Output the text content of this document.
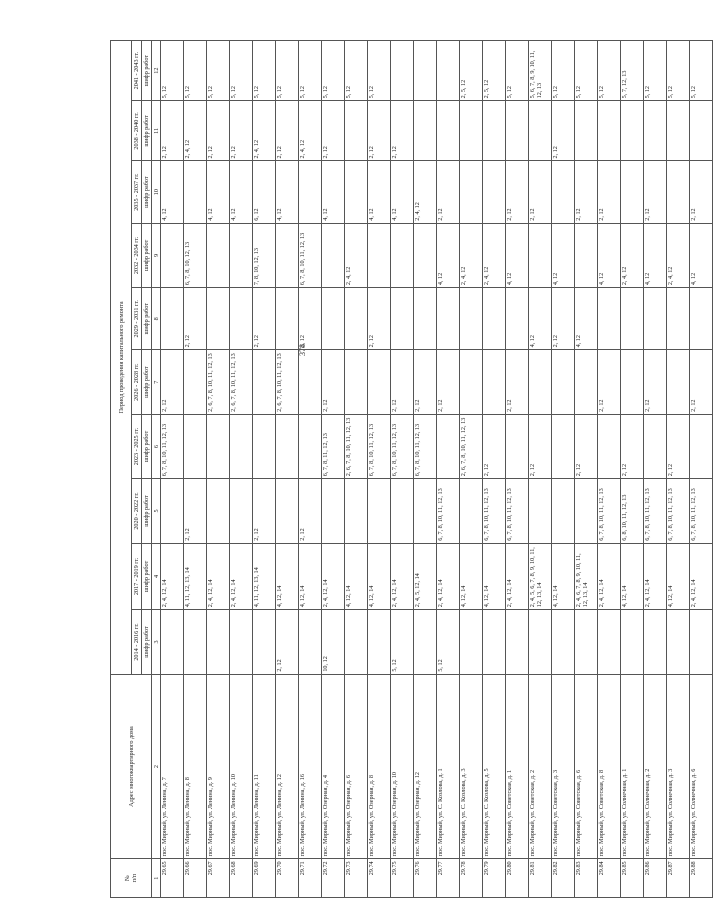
378
№
п/п	Адрес многоквартирного дома	Период проведения капитального ремонта									
		2014 - 2016 гг.	2017 - 2019 гг.	2020 - 2022 гг.	2023 - 2025 гг.	2026 - 2028 гг.	2029 - 2031 гг.	2032 - 2034 гг.	2035 - 2037 гг.	2038 - 2040 гг.	2041 - 2043 гг.
		шифр работ	шифр работ	шифр работ	шифр работ	шифр работ	шифр работ	шифр работ	шифр работ	шифр работ	шифр работ
1	2	3	4	5	6	7	8	9	10	11	12
29.65	пос. Мирный, ул. Ленина, д. 7		2, 4, 12, 14		6, 7, 8, 10, 11, 12, 13	2, 12			4, 12	2, 12	5, 12
29.66	пос. Мирный, ул. Ленина, д. 8		4, 11, 12, 13, 14	2, 12			2, 12	6, 7, 8, 10, 12, 13		2, 4, 12	5, 12
29.67	пос. Мирный, ул. Ленина, д. 9		2, 4, 12, 14			2, 6, 7, 8, 10, 11, 12, 13			4, 12	2, 12	5, 12
29.68	пос. Мирный, ул. Ленина, д. 10		2, 4, 12, 14			2, 6, 7, 8, 10, 11, 12, 13			4, 12	2, 12	5, 12
29.69	пос. Мирный, ул. Ленина, д. 11		4, 11, 12, 13, 14	2, 12			2, 12	7, 8, 10, 12, 13	6, 12	2, 4, 12	5, 12
29.70	пос. Мирный, ул. Ленина, д. 12	2, 12	4, 12, 14			2, 6, 7, 8, 10, 11, 12, 13			4, 12	2, 12	5, 12
29.71	пос. Мирный, ул. Ленина, д. 16		4, 12, 14	2, 12			2, 12	6, 7, 8, 10, 11, 12, 13		2, 4, 12	5, 12
29.72	пос. Мирный, ул. Озерная, д. 4	10, 12	2, 4, 12, 14		6, 7, 8, 11, 12, 13	2, 12			4, 12	2, 12	5, 12
29.73	пос. Мирный, ул. Озерная, д. 6		4, 12, 14		2, 6, 7, 8, 10, 11, 12, 13			2, 4, 12			5, 12
29.74	пос. Мирный, ул. Озерная, д. 8		4, 12, 14		6, 7, 8, 10, 11, 12, 13		2, 12		4, 12	2, 12	5, 12
29.75	пос. Мирный, ул. Озерная, д. 10	5, 12	2, 4, 12, 14		6, 7, 8, 10, 11, 12, 13	2, 12			4, 12	2, 12	
29.76	пос. Мирный, ул. Озерная, д. 12		2, 4, 5, 12, 14		6, 7, 8, 10, 11, 12, 13	2, 12			2, 4, 12		
29.77	пос. Мирный, ул. С. Козлова, д. 1	5, 12	2, 4, 12, 14	6, 7, 8, 10, 11, 12, 13		2, 12		4, 12	2, 12		
29.78	пос. Мирный, ул. С. Козлова, д. 3		4, 12, 14		2, 6, 7, 8, 10, 11, 12, 13			2, 4, 12			2, 5, 12
29.79	пос. Мирный, ул. С. Козлова, д. 5		4, 12, 14	6, 7, 8, 10, 11, 12, 13	2, 12			2, 4, 12			2, 5, 12
29.80	пос. Мирный, ул. Советская, д. 1		2, 4, 12, 14	6, 7, 8, 10, 11, 12, 13		2, 12		4, 12	2, 12		5, 12
29.81	пос. Мирный, ул. Советская, д. 2		2, 4, 5, 6, 7, 8, 9, 10, 11, 12, 13, 14		2, 12		4, 12		2, 12		5, 6, 7, 8, 9, 10, 11, 12, 13
29.82	пос. Мирный, ул. Советская, д. 3		4, 12, 14				2, 12	4, 12		2, 12	5, 12
29.83	пос. Мирный, ул. Советская, д. 6		2, 4, 6, 7, 8, 9, 10, 11, 12, 13, 14		2, 12		4, 12		2, 12		5, 12
29.84	пос. Мирный, ул. Советская, д. 8		2, 4, 12, 14	6, 7, 8, 10, 11, 12, 13		2, 12		4, 12	2, 12		5, 12
29.85	пос. Мирный, ул. Солнечная, д. 1		4, 12, 14	6, 8, 10, 11, 12, 13	2, 12			2, 4, 12			5, 7, 12, 13
29.86	пос. Мирный, ул. Солнечная, д. 2		2, 4, 12, 14	6, 7, 8, 10, 11, 12, 13		2, 12		4, 12	2, 12		5, 12
29.87	пос. Мирный, ул. Солнечная, д. 3		4, 12, 14	6, 7, 8, 10, 11, 12, 13	2, 12			2, 4, 12			5, 12
29.88	пос. Мирный, ул. Солнечная, д. 6		2, 4, 12, 14	6, 7, 8, 10, 11, 12, 13		2, 12		4, 12	2, 12		5, 12
